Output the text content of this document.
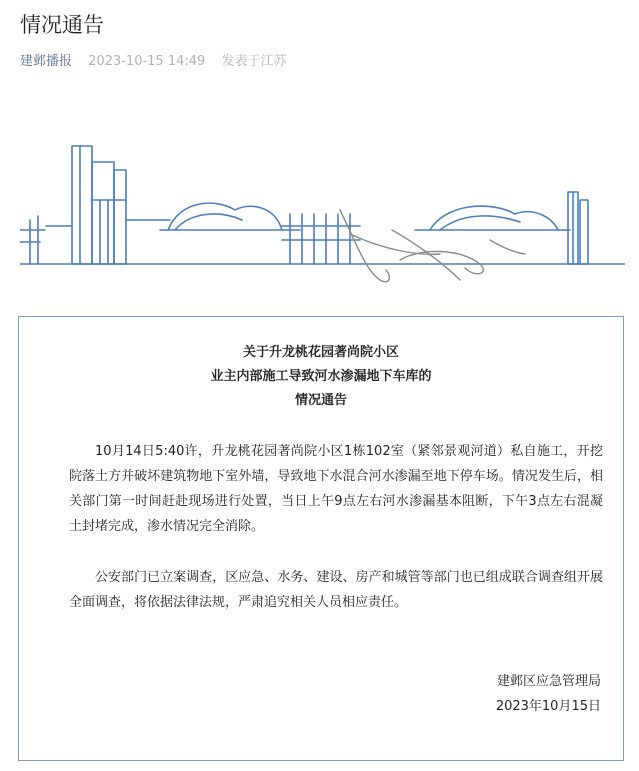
情况通告
建邺播报 2023-10-15 14:49 发表于江苏
关于升龙桃花园著尚院小区
业主内部施工导致河水渗漏地下车库的
情况通告

10月14日5:40许，升龙桃花园著尚院小区1栋102室（紧邻景观河道）私自施工，开挖院落土方并破坏建筑物地下室外墙，导致地下水混合河水渗漏至地下停车场。情况发生后，相关部门第一时间赶赴现场进行处置，当日上午9点左右河水渗漏基本阻断，下午3点左右混凝土封堵完成，渗水情况完全消除。

公安部门已立案调查，区应急、水务、建设、房产和城管等部门也已组成联合调查组开展全面调查，将依据法律法规，严肃追究相关人员相应责任。

建邺区应急管理局
2023年10月15日
